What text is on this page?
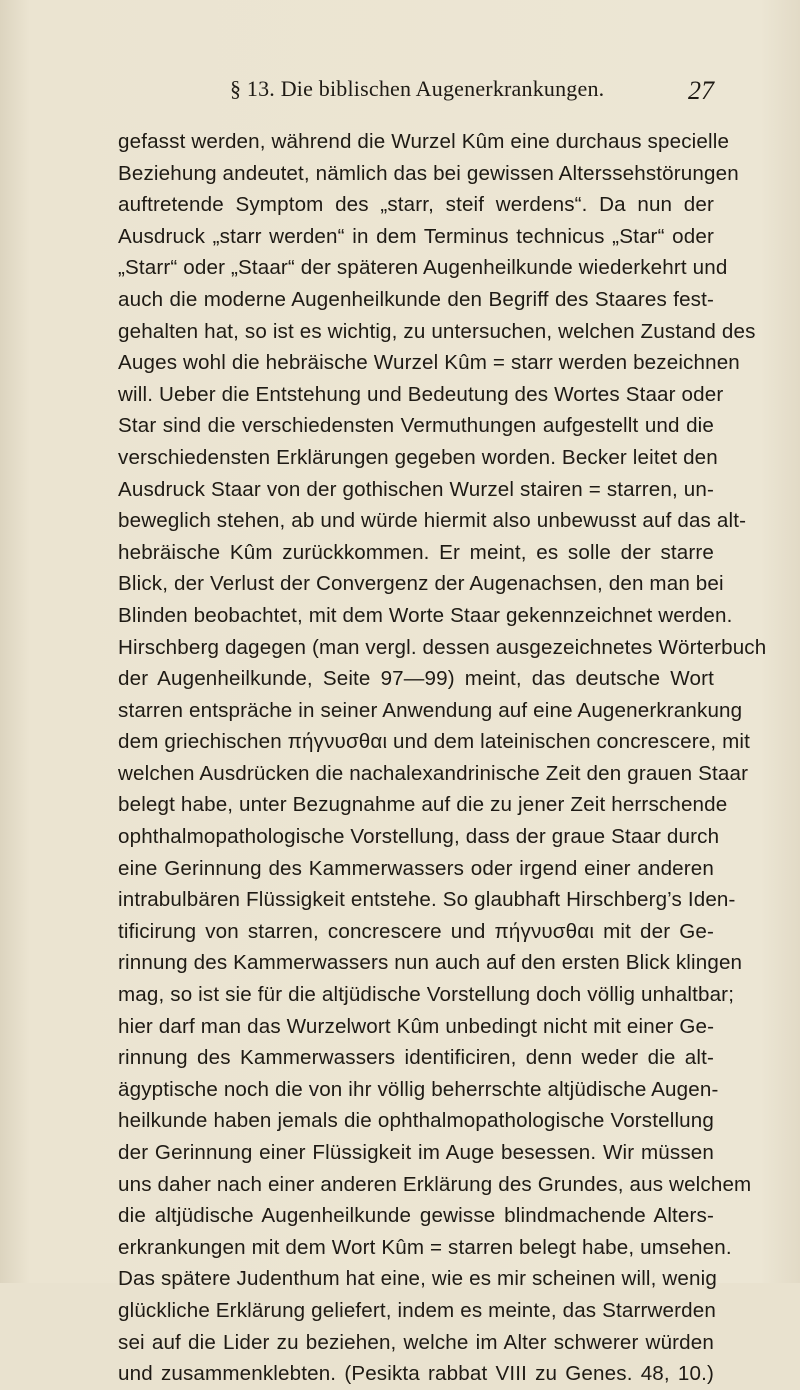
§ 13. Die biblischen Augenerkrankungen.	27
gefasst werden, während die Wurzel Kûm eine durchaus specielle
Beziehung andeutet, nämlich das bei gewissen Alterssehstörungen
auftretende Symptom des „starr, steif werdens“. Da nun der
Ausdruck „starr werden“ in dem Terminus technicus „Star“ oder
„Starr“ oder „Staar“ der späteren Augenheilkunde wiederkehrt und
auch die moderne Augenheilkunde den Begriff des Staares fest-
gehalten hat, so ist es wichtig, zu untersuchen, welchen Zustand des
Auges wohl die hebräische Wurzel Kûm = starr werden bezeichnen
will. Ueber die Entstehung und Bedeutung des Wortes Staar oder
Star sind die verschiedensten Vermuthungen aufgestellt und die
verschiedensten Erklärungen gegeben worden. Becker leitet den
Ausdruck Staar von der gothischen Wurzel stairen = starren, un-
beweglich stehen, ab und würde hiermit also unbewusst auf das alt-
hebräische Kûm zurückkommen. Er meint, es solle der starre
Blick, der Verlust der Convergenz der Augenachsen, den man bei
Blinden beobachtet, mit dem Worte Staar gekennzeichnet werden.
Hirschberg dagegen (man vergl. dessen ausgezeichnetes Wörterbuch
der Augenheilkunde, Seite 97—99) meint, das deutsche Wort
starren entspräche in seiner Anwendung auf eine Augenerkrankung
dem griechischen πήγνυσθαι und dem lateinischen concrescere, mit
welchen Ausdrücken die nachalexandrinische Zeit den grauen Staar
belegt habe, unter Bezugnahme auf die zu jener Zeit herrschende
ophthalmopathologische Vorstellung, dass der graue Staar durch
eine Gerinnung des Kammerwassers oder irgend einer anderen
intrabulbären Flüssigkeit entstehe. So glaubhaft Hirschberg’s Iden-
tificirung von starren, concrescere und πήγνυσθαι mit der Ge-
rinnung des Kammerwassers nun auch auf den ersten Blick klingen
mag, so ist sie für die altjüdische Vorstellung doch völlig unhaltbar;
hier darf man das Wurzelwort Kûm unbedingt nicht mit einer Ge-
rinnung des Kammerwassers identificiren, denn weder die alt-
ägyptische noch die von ihr völlig beherrschte altjüdische Augen-
heilkunde haben jemals die ophthalmopathologische Vorstellung
der Gerinnung einer Flüssigkeit im Auge besessen. Wir müssen
uns daher nach einer anderen Erklärung des Grundes, aus welchem
die altjüdische Augenheilkunde gewisse blindmachende Alters-
erkrankungen mit dem Wort Kûm = starren belegt habe, umsehen.
Das spätere Judenthum hat eine, wie es mir scheinen will, wenig
glückliche Erklärung geliefert, indem es meinte, das Starrwerden
sei auf die Lider zu beziehen, welche im Alter schwerer würden
und zusammenklebten. (Pesikta rabbat VIII zu Genes. 48, 10.)
